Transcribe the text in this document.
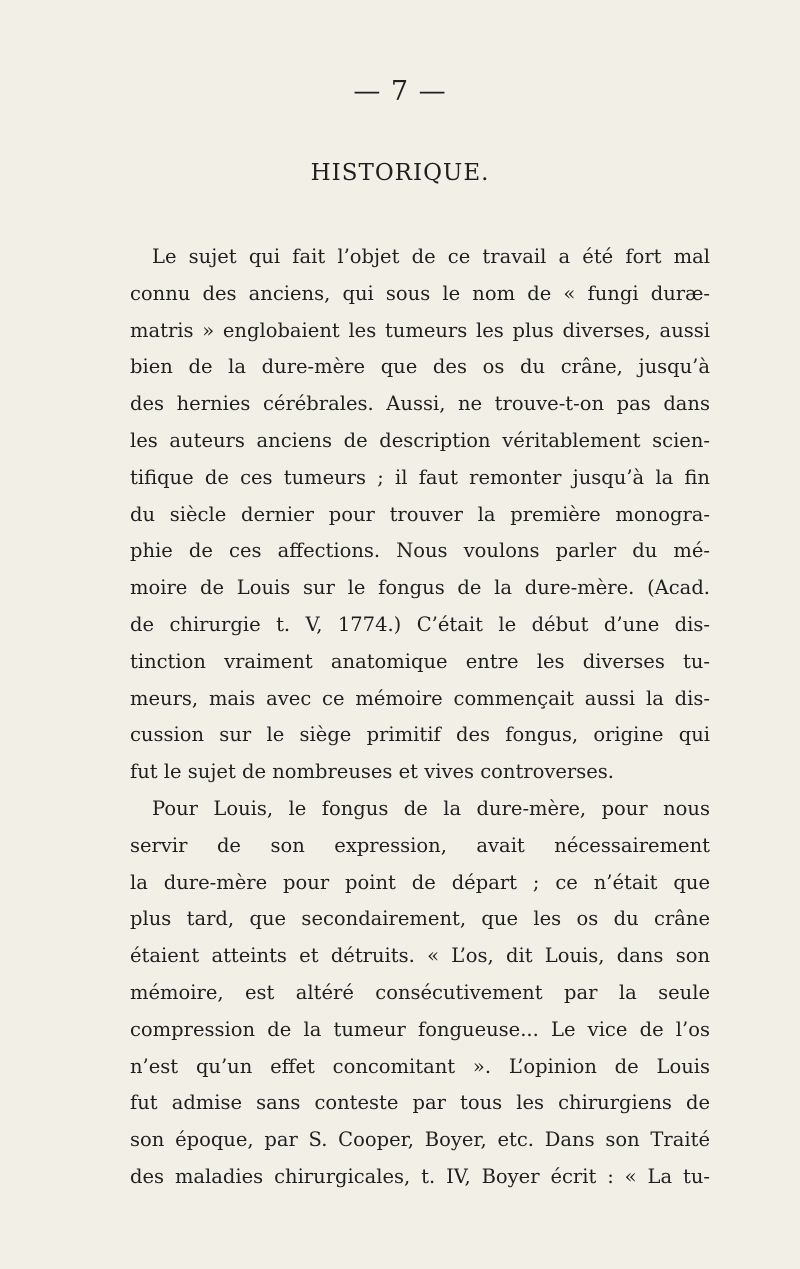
— 7 —
HISTORIQUE.
Le sujet qui fait l’objet de ce travail a été fort mal
connu des anciens, qui sous le nom de « fungi duræ-
matris » englobaient les tumeurs les plus diverses, aussi
bien de la dure-mère que des os du crâne, jusqu’à
des hernies cérébrales. Aussi, ne trouve-t-on pas dans
les auteurs anciens de description véritablement scien-
tifique de ces tumeurs ; il faut remonter jusqu’à la fin
du siècle dernier pour trouver la première monogra-
phie de ces affections. Nous voulons parler du mé-
moire de Louis sur le fongus de la dure-mère. (Acad.
de chirurgie t. V, 1774.) C’était le début d’une dis-
tinction vraiment anatomique entre les diverses tu-
meurs, mais avec ce mémoire commençait aussi la dis-
cussion sur le siège primitif des fongus, origine qui
fut le sujet de nombreuses et vives controverses.
Pour Louis, le fongus de la dure-mère, pour nous
servir de son expression, avait nécessairement
la dure-mère pour point de départ ; ce n’était que
plus tard, que secondairement, que les os du crâne
étaient atteints et détruits. « L’os, dit Louis, dans son
mémoire, est altéré consécutivement par la seule
compression de la tumeur fongueuse... Le vice de l’os
n’est qu’un effet concomitant ». L’opinion de Louis
fut admise sans conteste par tous les chirurgiens de
son époque, par S. Cooper, Boyer, etc. Dans son Traité
des maladies chirurgicales, t. IV, Boyer écrit : « La tu-
